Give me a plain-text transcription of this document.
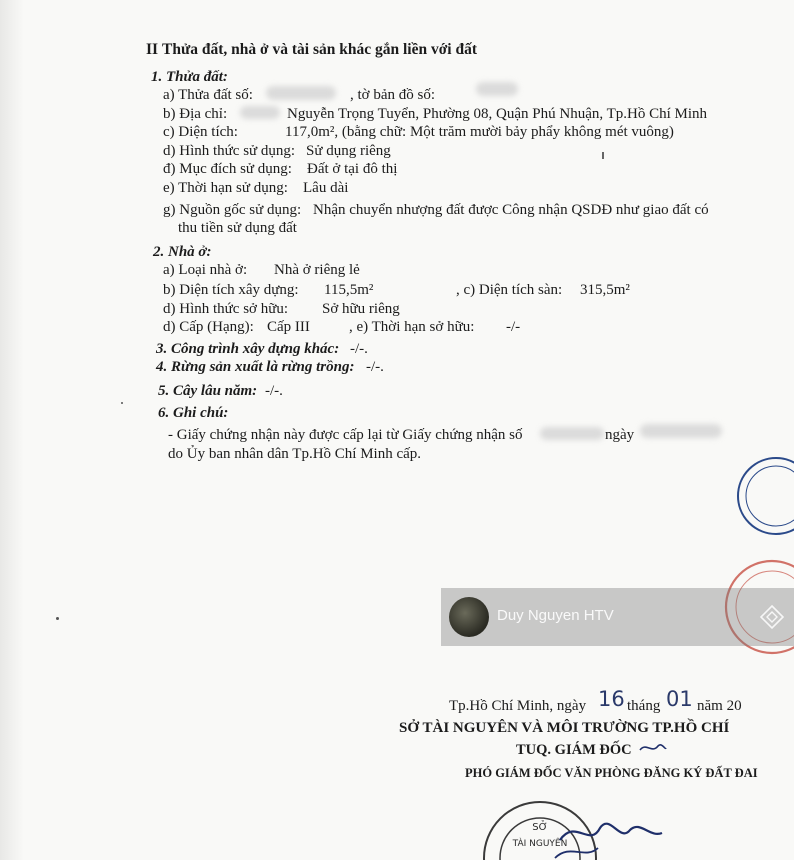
II Thửa đất, nhà ở và tài sản khác gắn liền với đất
1. Thửa đất:
a) Thửa đất số:	, tờ bản đồ số:
b) Địa chỉ:	Nguyễn Trọng Tuyển, Phường 08, Quận Phú Nhuận, Tp.Hồ Chí Minh
c) Diện tích:	117,0m², (bằng chữ: Một trăm mười bảy phẩy không mét vuông)
d) Hình thức sử dụng: Sử dụng riêng
đ) Mục đích sử dụng: Đất ở tại đô thị
e) Thời hạn sử dụng: Lâu dài
g) Nguồn gốc sử dụng: Nhận chuyển nhượng đất được Công nhận QSDĐ như giao đất có
thu tiền sử dụng đất
2. Nhà ở:
a) Loại nhà ở: Nhà ở riêng lẻ
b) Diện tích xây dựng: 115,5m²	, c) Diện tích sàn: 315,5m²
d) Hình thức sở hữu: Sở hữu riêng
d) Cấp (Hạng): Cấp III	, e) Thời hạn sở hữu: -/-
3. Công trình xây dựng khác: -/-.
4. Rừng sản xuất là rừng trồng: -/-.
5. Cây lâu năm: -/-.
6. Ghi chú:
- Giấy chứng nhận này được cấp lại từ Giấy chứng nhận số	ngày
do Ủy ban nhân dân Tp.Hồ Chí Minh cấp.
Tp.Hồ Chí Minh, ngày 16 tháng 01 năm 20
SỞ TÀI NGUYÊN VÀ MÔI TRƯỜNG TP.HỒ CHÍ
TUQ. GIÁM ĐỐC
PHÓ GIÁM ĐỐC VĂN PHÒNG ĐĂNG KÝ ĐẤT ĐAI
SỞ
TÀI NGUYÊN
Duy Nguyen HTV
